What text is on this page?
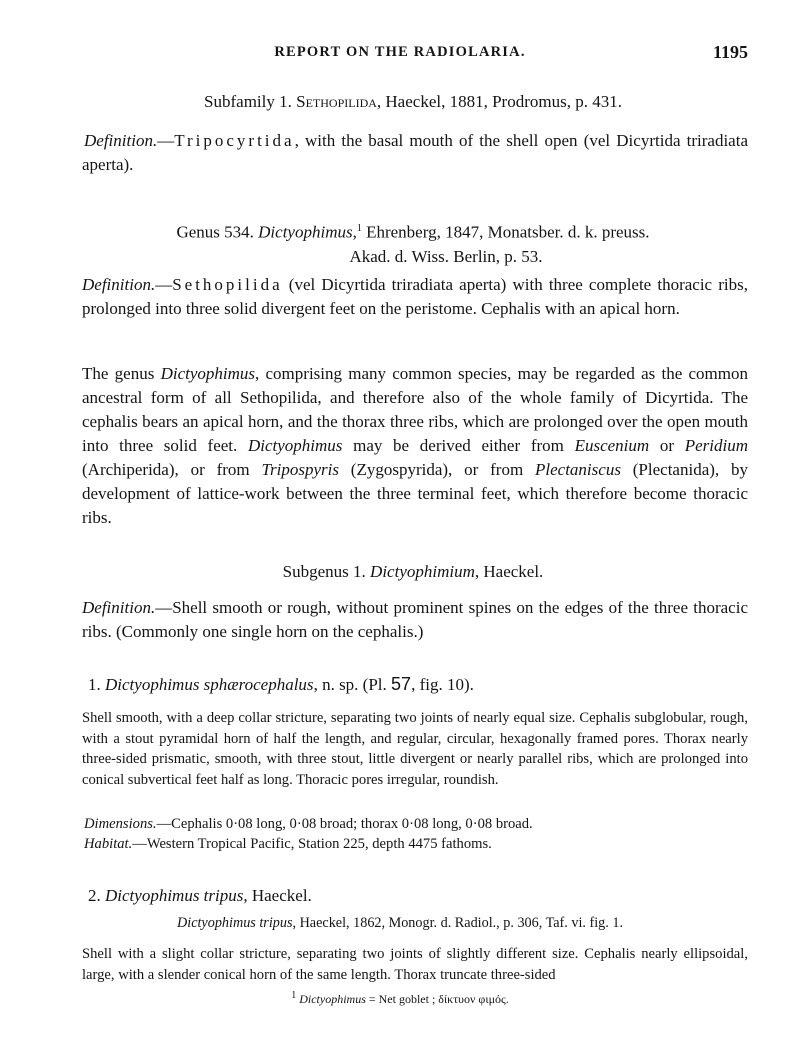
REPORT ON THE RADIOLARIA.	1195
Subfamily 1. Sethopilida, Haeckel, 1881, Prodromus, p. 431.
Definition.—Tripocyrtida, with the basal mouth of the shell open (vel Dicyrtida triradiata aperta).
Genus 534. Dictyophimus,$^1$ Ehrenberg, 1847, Monatsber. d. k. preuss.
Akad. d. Wiss. Berlin, p. 53.
Definition.—Sethopilida (vel Dicyrtida triradiata aperta) with three complete thoracic ribs, prolonged into three solid divergent feet on the peristome. Cephalis with an apical horn.
The genus Dictyophimus, comprising many common species, may be regarded as the common ancestral form of all Sethopilida, and therefore also of the whole family of Dicyrtida. The cephalis bears an apical horn, and the thorax three ribs, which are prolonged over the open mouth into three solid feet. Dictyophimus may be derived either from Euscenium or Peridium (Archiperida), or from Tripospyris (Zygospyrida), or from Plectaniscus (Plectanida), by development of lattice-work between the three terminal feet, which therefore become thoracic ribs.
Subgenus 1. Dictyophimium, Haeckel.
Definition.—Shell smooth or rough, without prominent spines on the edges of the three thoracic ribs. (Commonly one single horn on the cephalis.)
1. Dictyophimus sphærocephalus, n. sp. (Pl. 57, fig. 10).
Shell smooth, with a deep collar stricture, separating two joints of nearly equal size. Cephalis subglobular, rough, with a stout pyramidal horn of half the length, and regular, circular, hexagonally framed pores. Thorax nearly three-sided prismatic, smooth, with three stout, little divergent or nearly parallel ribs, which are prolonged into conical subvertical feet half as long. Thoracic pores irregular, roundish.
Dimensions.—Cephalis 0·08 long, 0·08 broad; thorax 0·08 long, 0·08 broad.
Habitat.—Western Tropical Pacific, Station 225, depth 4475 fathoms.
2. Dictyophimus tripus, Haeckel.
Dictyophimus tripus, Haeckel, 1862, Monogr. d. Radiol., p. 306, Taf. vi. fig. 1.
Shell with a slight collar stricture, separating two joints of slightly different size. Cephalis nearly ellipsoidal, large, with a slender conical horn of the same length. Thorax truncate three-sided
$^1$ Dictyophimus = Net goblet ; δίκτυον φιμός.
